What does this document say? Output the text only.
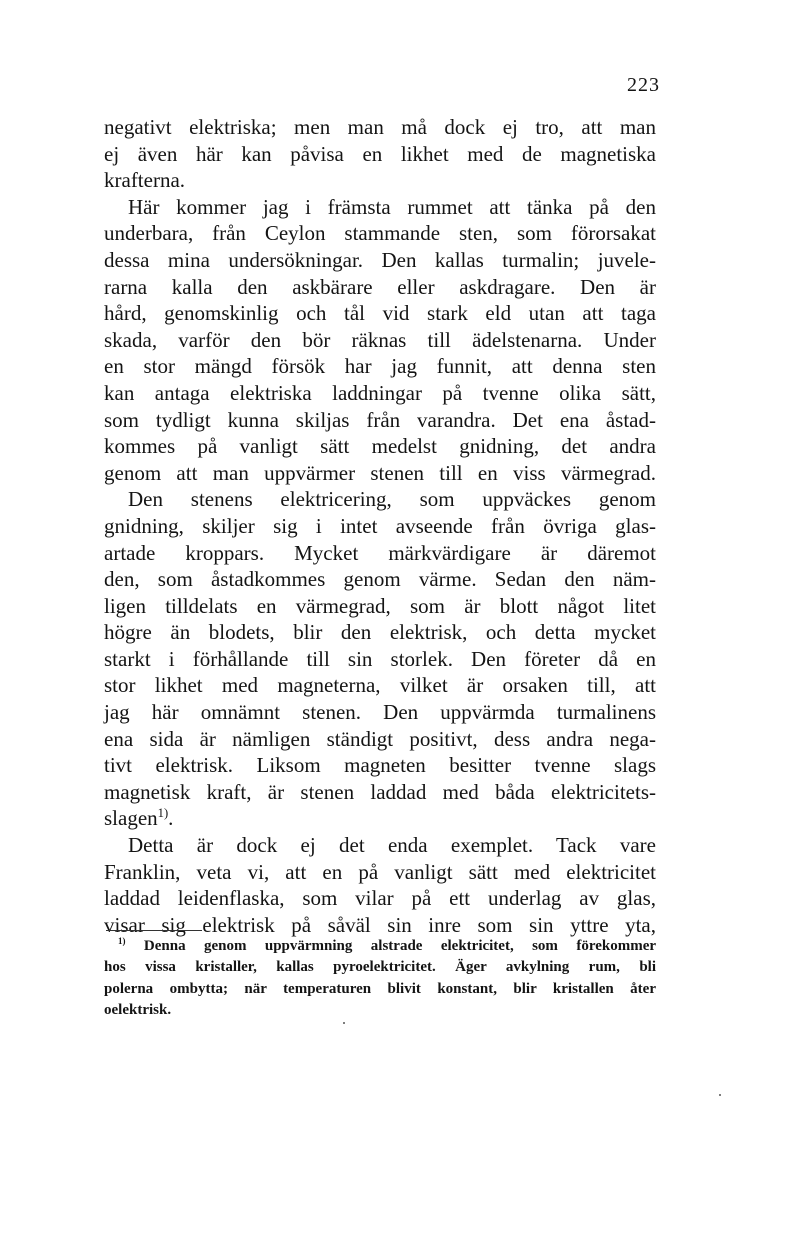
223
negativt elektriska; men man må dock ej tro, att man
ej även här kan påvisa en likhet med de magnetiska
krafterna.
Här kommer jag i främsta rummet att tänka på den
underbara, från Ceylon stammande sten, som förorsakat
dessa mina undersökningar. Den kallas turmalin; juvele-
rarna kalla den askbärare eller askdragare. Den är
hård, genomskinlig och tål vid stark eld utan att taga
skada, varför den bör räknas till ädelstenarna. Under
en stor mängd försök har jag funnit, att denna sten
kan antaga elektriska laddningar på tvenne olika sätt,
som tydligt kunna skiljas från varandra. Det ena åstad-
kommes på vanligt sätt medelst gnidning, det andra
genom att man uppvärmer stenen till en viss värmegrad.
Den stenens elektricering, som uppväckes genom
gnidning, skiljer sig i intet avseende från övriga glas-
artade kroppars. Mycket märkvärdigare är däremot
den, som åstadkommes genom värme. Sedan den näm-
ligen tilldelats en värmegrad, som är blott något litet
högre än blodets, blir den elektrisk, och detta mycket
starkt i förhållande till sin storlek. Den företer då en
stor likhet med magneterna, vilket är orsaken till, att
jag här omnämnt stenen. Den uppvärmda turmalinens
ena sida är nämligen ständigt positivt, dess andra nega-
tivt elektrisk. Liksom magneten besitter tvenne slags
magnetisk kraft, är stenen laddad med båda elektricitets-
slagen$^{1)}$.
Detta är dock ej det enda exemplet. Tack vare
Franklin, veta vi, att en på vanligt sätt med elektricitet
laddad leidenflaska, som vilar på ett underlag av glas,
visar sig elektrisk på såväl sin inre som sin yttre yta,
$^{1)}$ Denna genom uppvärmning alstrade elektricitet, som förekommer
hos vissa kristaller, kallas pyroelektricitet. Äger avkylning rum, bli
polerna ombytta; när temperaturen blivit konstant, blir kristallen åter
oelektrisk.
